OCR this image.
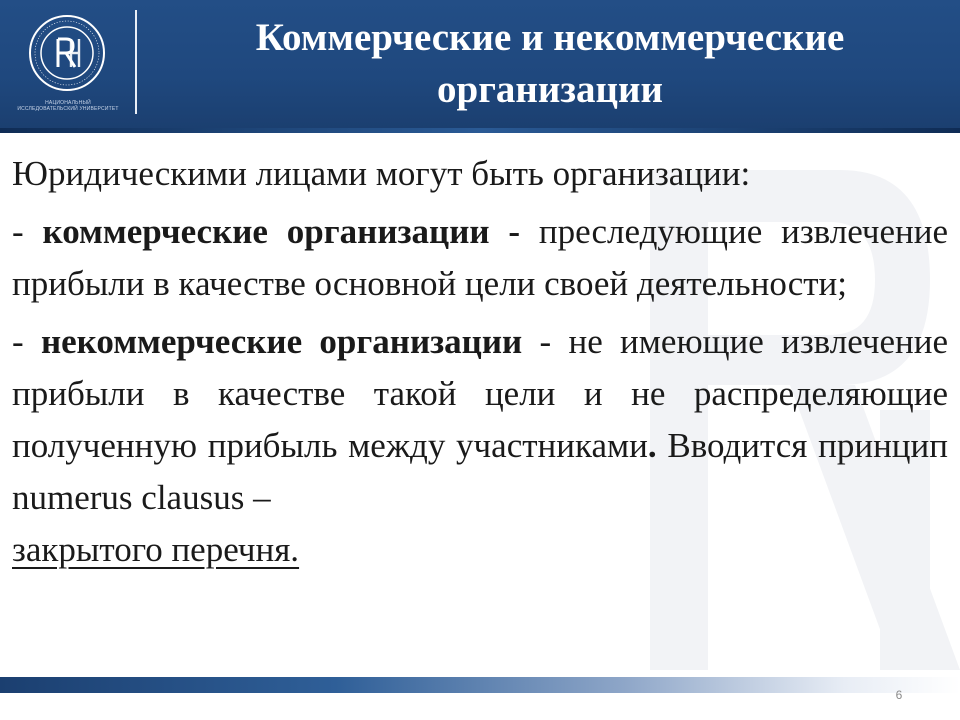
НАЦИОНАЛЬНЫЙ ИССЛЕДОВАТЕЛЬСКИЙ УНИВЕРСИТЕТ
Коммерческие и некоммерческие
организации

Юридическими лицами могут быть организации:

- коммерческие организации - преследующие извлечение прибыли в качестве основной цели своей деятельности;

- некоммерческие организации - не имеющие извлечение прибыли в качестве такой цели и не распределяющие полученную прибыль между участниками. Вводится принцип numerus clausus –
закрытого перечня.

6
